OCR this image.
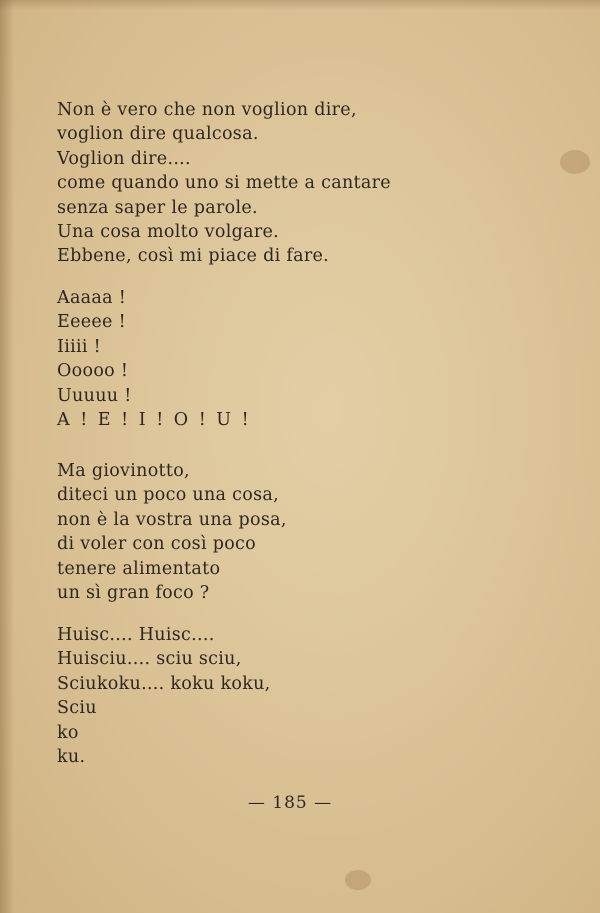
Non è vero che non voglion dire,
voglion dire qualcosa.
Voglion dire....
come quando uno si mette a cantare
senza saper le parole.
Una cosa molto volgare.
Ebbene, così mi piace di fare.
Aaaaa !
Eeeee !
Iiiii !
Ooooo !
Uuuuu !
A ! E ! I ! O ! U !
Ma giovinotto,
diteci un poco una cosa,
non è la vostra una posa,
di voler con così poco
tenere alimentato
un sì gran foco ?
Huisc.... Huisc....
Huisciu.... sciu sciu,
Sciukoku.... koku koku,
Sciu
ko
ku.
— 185 —
